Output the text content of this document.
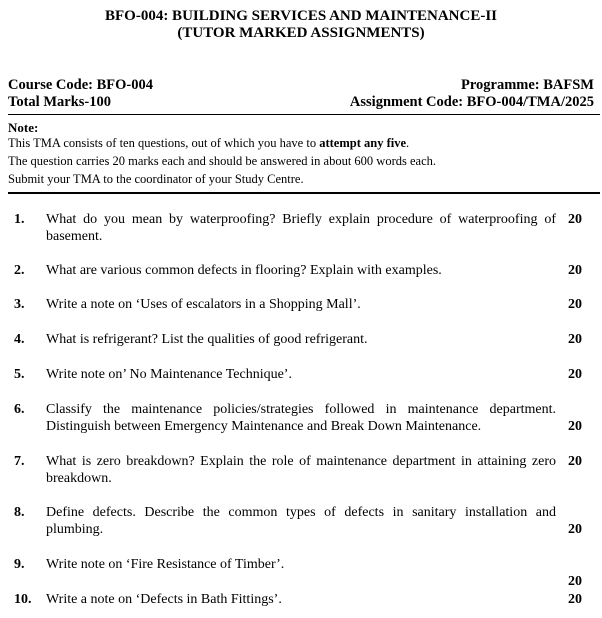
BFO-004: BUILDING SERVICES AND MAINTENANCE-II
(TUTOR MARKED ASSIGNMENTS)
Course Code: BFO-004
Total Marks-100
Programme: BAFSM
Assignment Code: BFO-004/TMA/2025
Note:
This TMA consists of ten questions, out of which you have to attempt any five.
The question carries 20 marks each and should be answered in about 600 words each.
Submit your TMA to the coordinator of your Study Centre.
1. What do you mean by waterproofing? Briefly explain procedure of waterproofing of basement.
20
2. What are various common defects in flooring? Explain with examples.	20
3. Write a note on ‘Uses of escalators in a Shopping Mall’.	20
4. What is refrigerant? List the qualities of good refrigerant.	20
5. Write note on’ No Maintenance Technique’.	20
6. Classify the maintenance policies/strategies followed in maintenance department. Distinguish between Emergency Maintenance and Break Down Maintenance.	20
7. What is zero breakdown? Explain the role of maintenance department in attaining zero breakdown.
20
8. Define defects. Describe the common types of defects in sanitary installation and plumbing.	20
9. Write note on ‘Fire Resistance of Timber’.
20
10. Write a note on ‘Defects in Bath Fittings’.	20
